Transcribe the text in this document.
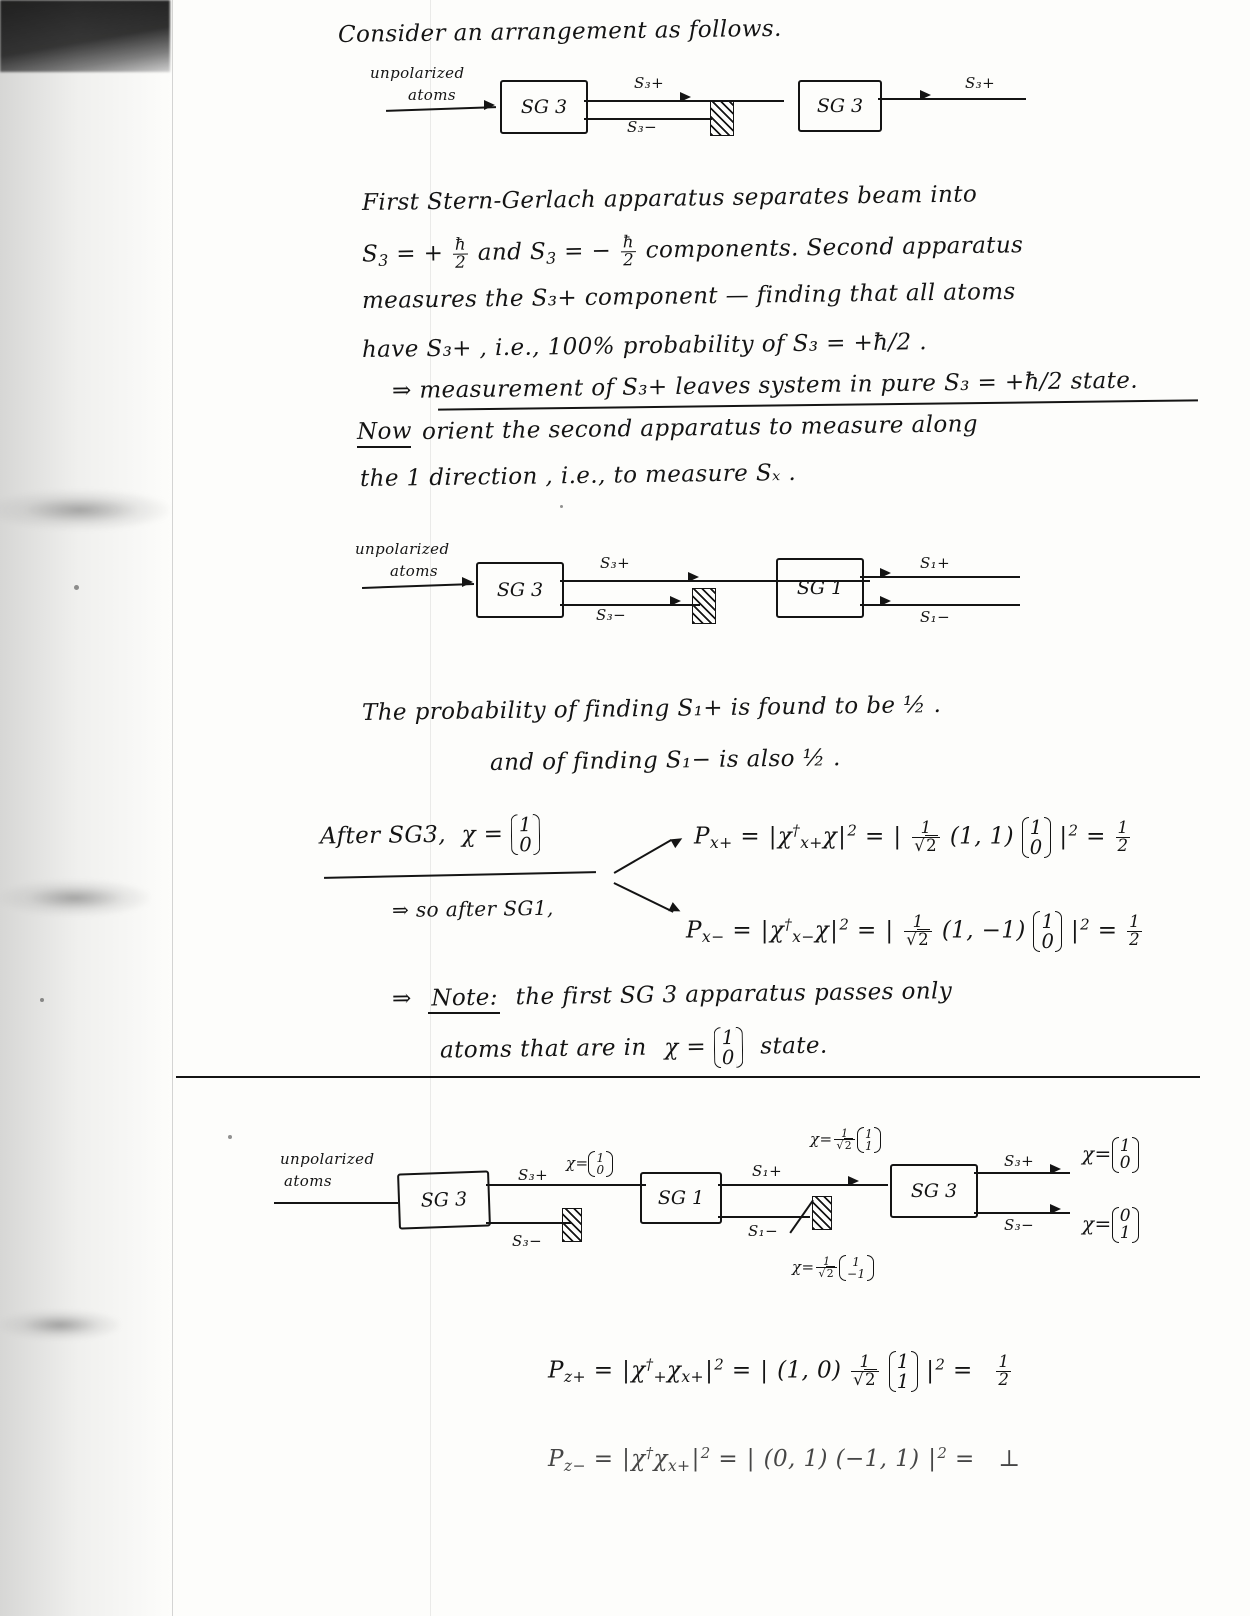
Consider an arrangement as follows.
unpolarized
atoms
SG 3
S₃+
S₃−
SG 3
S₃+
First Stern-Gerlach apparatus separates beam into
$S_3$ = + $\frac{ħ}{2}$ and $S_3$ = − $\frac{ħ}{2}$ components. Second apparatus
measures the S₃+ component — finding that all atoms
have S₃+ , i.e., 100% probability of S₃ = +ħ/2 .
⇒ measurement of S₃+ leaves system in pure S₃ = +ħ/2 state.
Now orient the second apparatus to measure along
the 1 direction , i.e., to measure Sₓ .
unpolarized
atoms
SG 3
S₃+
S₃−
SG 1
S₁+
S₁−
The probability of finding S₁+ is found to be ½ .
and of finding S₁− is also ½ .
After SG3, χ = 1
0
⇒ so after SG1,
$P_{x+} = |\chi^\dagger_{x+}\chi|^2$ = | $\frac{1}{√2} (1$, 1) 1
0 $|^2 = \frac{1}{2}$
$P_{x-} = |\chi^\dagger_{x-}\chi|^2$ = | $\frac{1}{√2} (1$, −1) 1
0 $|^2 = \frac{1}{2}$
⇒ Note: the first SG 3 apparatus passes only
atoms that are in χ = 1
0 state.
unpolarized
atoms
SG 3
S₃+
χ= 1
0
S₃−
SG 1
S₁+
$\chi= \frac{1}{√2} 1$
1
S₁−
$\chi= \frac{1}{√2}$	1
−1
SG 3
S₃+
S₃−
χ= 1
0
χ= 0
1
$P_{z+} = |\chi^\dagger_+\chi_{x+}|^2$ = | (1, $0) \frac{1}{√2}$
1
1 $|^2 = \frac{1}{2}$
$P_{z-} = |\chi^\dagger\chi_{x+}|^2$ = | (0, 1) (−1, 1) $|^2$ = ⊥
